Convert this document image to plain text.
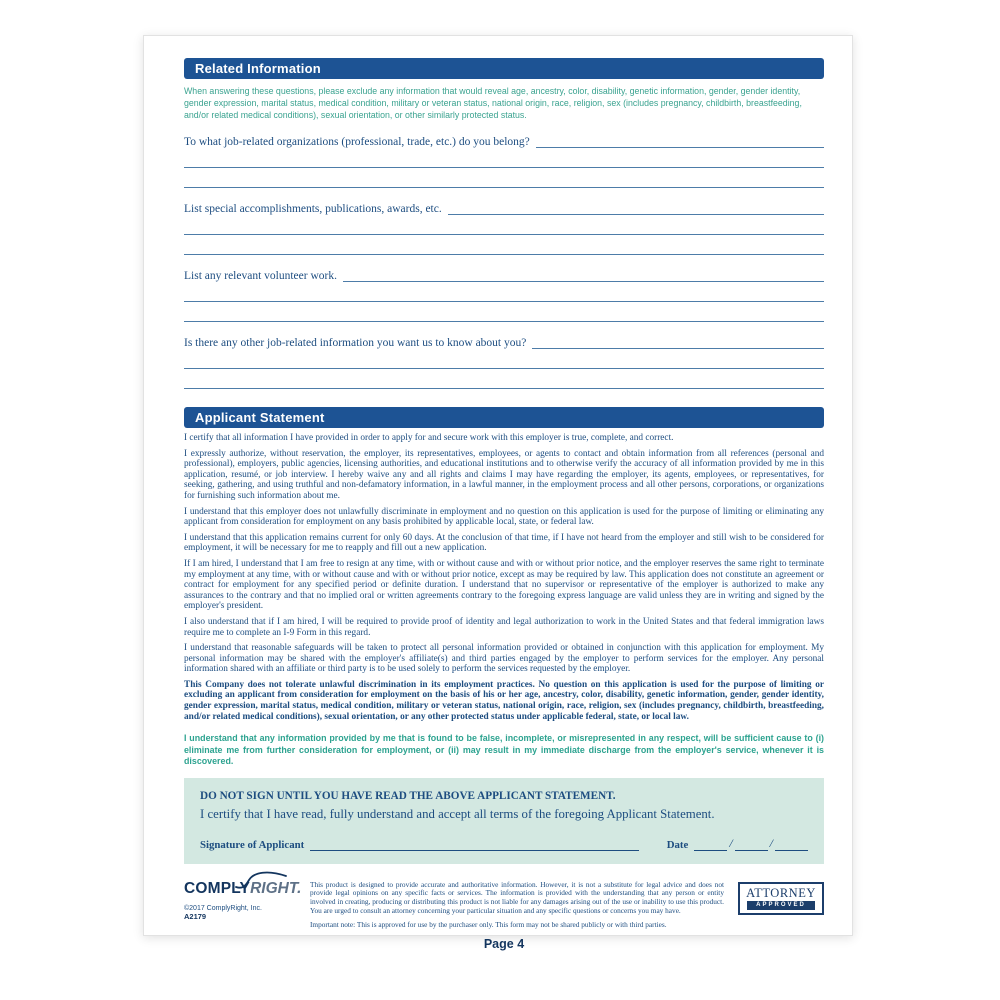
Related Information
When answering these questions, please exclude any information that would reveal age, ancestry, color, disability, genetic information, gender, gender identity, gender expression, marital status, medical condition, military or veteran status, national origin, race, religion, sex (includes pregnancy, childbirth, breastfeeding, and/or related medical conditions), sexual orientation, or other similarly protected status.
To what job-related organizations (professional, trade, etc.) do you belong?
List special accomplishments, publications, awards, etc.
List any relevant volunteer work.
Is there any other job-related information you want us to know about you?
Applicant Statement

I certify that all information I have provided in order to apply for and secure work with this employer is true, complete, and correct.

I expressly authorize, without reservation, the employer, its representatives, employees, or agents to contact and obtain information from all references (personal and professional), employers, public agencies, licensing authorities, and educational institutions and to otherwise verify the accuracy of all information provided by me in this application, resumé, or job interview. I hereby waive any and all rights and claims I may have regarding the employer, its agents, employees, or representatives, for seeking, gathering, and using truthful and non-defamatory information, in a lawful manner, in the employment process and all other persons, corporations, or organizations for furnishing such information about me.

I understand that this employer does not unlawfully discriminate in employment and no question on this application is used for the purpose of limiting or eliminating any applicant from consideration for employment on any basis prohibited by applicable local, state, or federal law.

I understand that this application remains current for only 60 days. At the conclusion of that time, if I have not heard from the employer and still wish to be considered for employment, it will be necessary for me to reapply and fill out a new application.

If I am hired, I understand that I am free to resign at any time, with or without cause and with or without prior notice, and the employer reserves the same right to terminate my employment at any time, with or without cause and with or without prior notice, except as may be required by law. This application does not constitute an agreement or contract for employment for any specified period or definite duration. I understand that no supervisor or representative of the employer is authorized to make any assurances to the contrary and that no implied oral or written agreements contrary to the foregoing express language are valid unless they are in writing and signed by the employer's president.

I also understand that if I am hired, I will be required to provide proof of identity and legal authorization to work in the United States and that federal immigration laws require me to complete an I-9 Form in this regard.

I understand that reasonable safeguards will be taken to protect all personal information provided or obtained in conjunction with this application for employment. My personal information may be shared with the employer's affiliate(s) and third parties engaged by the employer to perform services for the employer. Any personal information shared with an affiliate or third party is to be used solely to perform the services requested by the employer.

This Company does not tolerate unlawful discrimination in its employment practices. No question on this application is used for the purpose of limiting or excluding an applicant from consideration for employment on the basis of his or her age, ancestry, color, disability, genetic information, gender, gender identity, gender expression, marital status, medical condition, military or veteran status, national origin, race, religion, sex (includes pregnancy, childbirth, breastfeeding, and/or related medical conditions), sexual orientation, or any other protected status under applicable federal, state, or local law.

I understand that any information provided by me that is found to be false, incomplete, or misrepresented in any respect, will be sufficient cause to (i) eliminate me from further consideration for employment, or (ii) may result in my immediate discharge from the employer's service, whenever it is discovered.

DO NOT SIGN UNTIL YOU HAVE READ THE ABOVE APPLICANT STATEMENT.
I certify that I have read, fully understand and accept all terms of the foregoing Applicant Statement.
Signature of Applicant	Date	/	/
COMPLYRIGHT.
©2017 ComplyRight, Inc.
A2179
This product is designed to provide accurate and authoritative information. However, it is not a substitute for legal advice and does not provide legal opinions on any specific facts or services. The information is provided with the understanding that any person or entity involved in creating, producing or distributing this product is not liable for any damages arising out of the use or inability to use this product. You are urged to consult an attorney concerning your particular situation and any specific questions or concerns you may have.
Important note: This is approved for use by the purchaser only. This form may not be shared publicly or with third parties.
ATTORNEY
APPROVED
Page 4
